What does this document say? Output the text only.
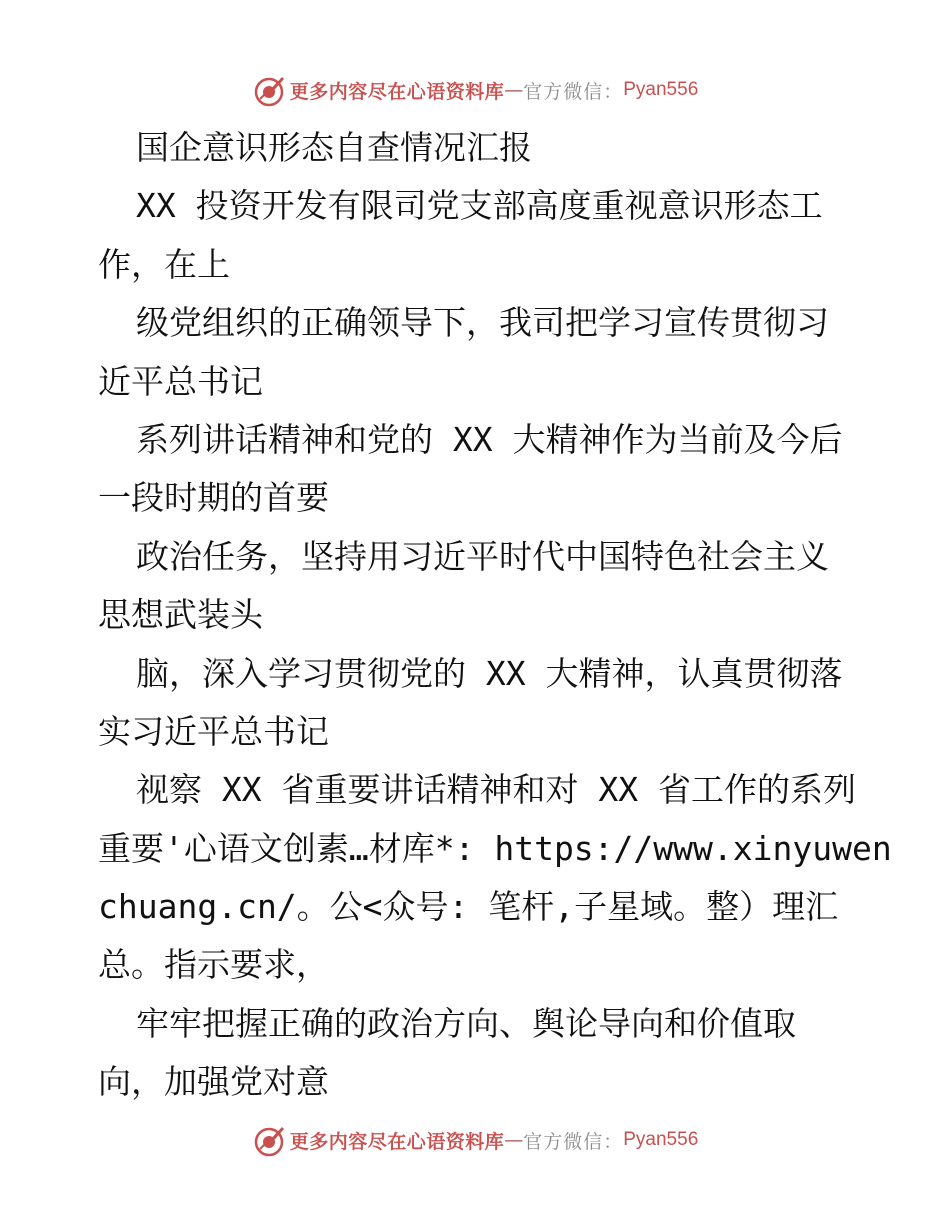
更多内容尽在心语资料库 — 官方微信： Pyan556
国企意识形态自查情况汇报
XX 投资开发有限司党支部高度重视意识形态工
作，在上
级党组织的正确领导下，我司把学习宣传贯彻习
近平总书记
系列讲话精神和党的 XX 大精神作为当前及今后
一段时期的首要
政治任务，坚持用习近平时代中国特色社会主义
思想武装头
脑，深入学习贯彻党的 XX 大精神，认真贯彻落
实习近平总书记
视察 XX 省重要讲话精神和对 XX 省工作的系列
重要'心语文创素…材库*: https://www.xinyuwen
chuang.cn/。公<众号: 笔杆,子星域。整）理汇
总。指示要求，
牢牢把握正确的政治方向、舆论导向和价值取
向，加强党对意
更多内容尽在心语资料库 — 官方微信： Pyan556
